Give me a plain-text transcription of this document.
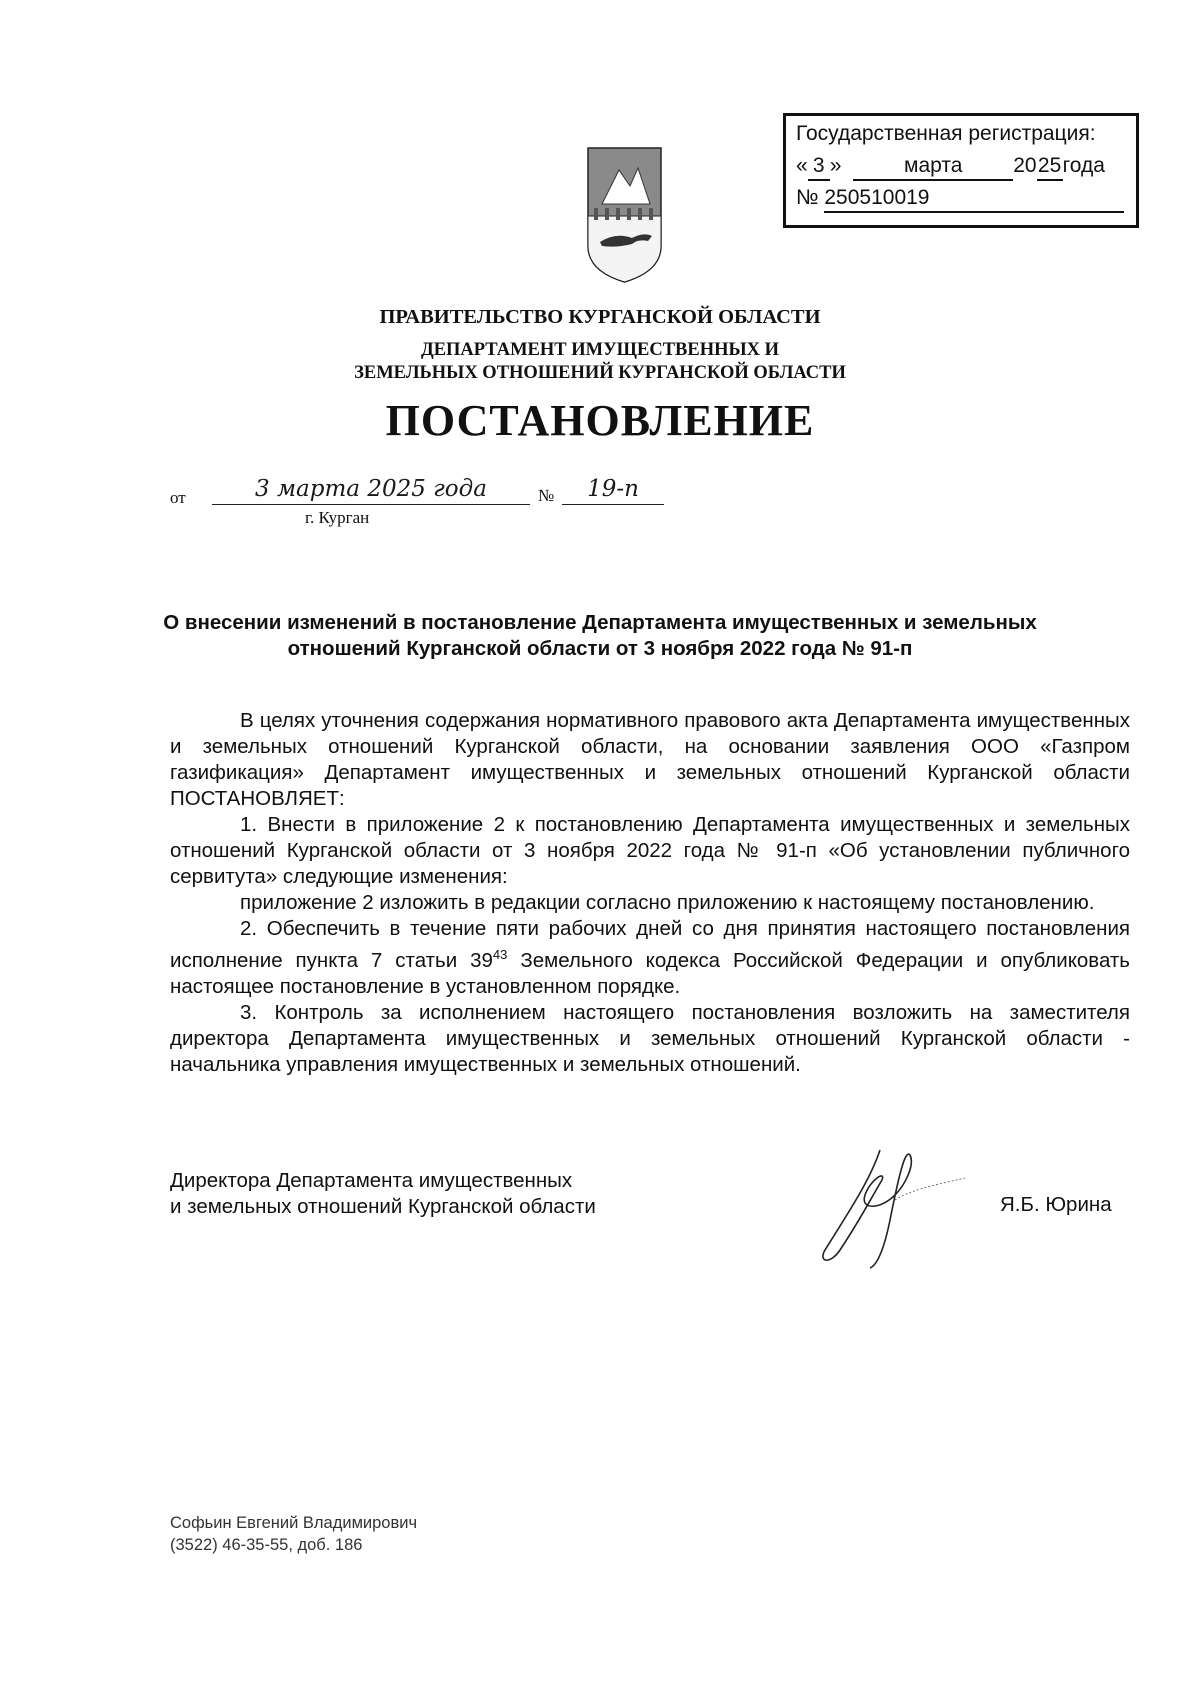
Государственная регистрация:
« 3 »	марта 2025года
№ 250510019
ПРАВИТЕЛЬСТВО КУРГАНСКОЙ ОБЛАСТИ
ДЕПАРТАМЕНТ ИМУЩЕСТВЕННЫХ И
ЗЕМЕЛЬНЫХ ОТНОШЕНИЙ КУРГАНСКОЙ ОБЛАСТИ
ПОСТАНОВЛЕНИЕ
от	3 марта 2025 года	№	19-п
г. Курган
О внесении изменений в постановление Департамента имущественных и земельных отношений Курганской области от 3 ноября 2022 года № 91-п

В целях уточнения содержания нормативного правового акта Департамента имущественных и земельных отношений Курганской области, на основании заявления ООО «Газпром газификация» Департамент имущественных и земельных отношений Курганской области ПОСТАНОВЛЯЕТ:

1. Внести в приложение 2 к постановлению Департамента имущественных и земельных отношений Курганской области от 3 ноября 2022 года № 91-п «Об установлении публичного сервитута» следующие изменения:

приложение 2 изложить в редакции согласно приложению к настоящему постановлению.

2. Обеспечить в течение пяти рабочих дней со дня принятия настоящего постановления исполнение пункта 7 статьи $39^{43}$ Земельного кодекса Российской Федерации и опубликовать настоящее постановление в установленном порядке.

3. Контроль за исполнением настоящего постановления возложить на заместителя директора Департамента имущественных и земельных отношений Курганской области - начальника управления имущественных и земельных отношений.

Директора Департамента имущественных
и земельных отношений Курганской области	Я.Б. Юрина
Софьин Евгений Владимирович
(3522) 46-35-55, доб. 186
